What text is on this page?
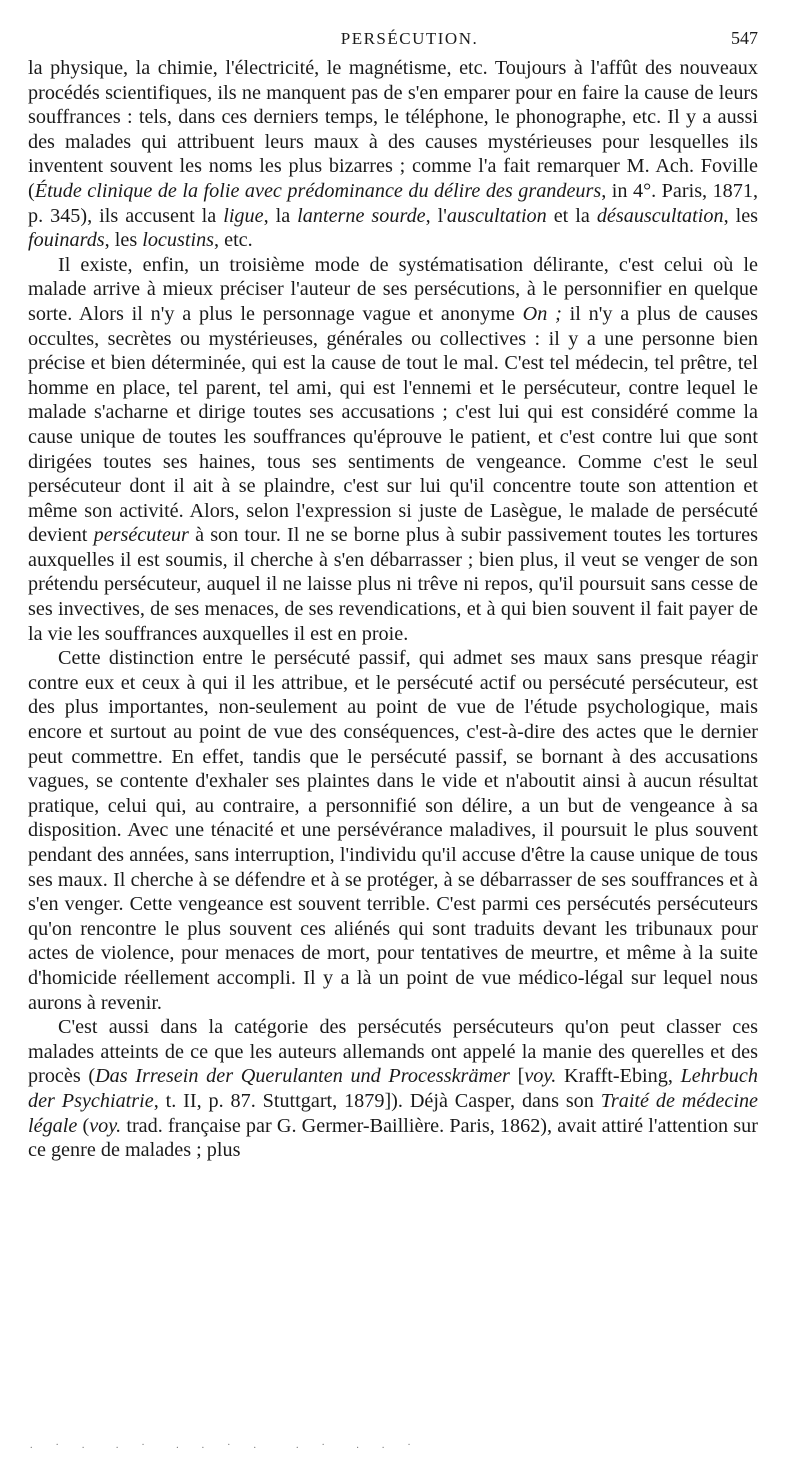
PERSÉCUTION.	547

la physique, la chimie, l'électricité, le magnétisme, etc. Toujours à l'affût des nouveaux procédés scientifiques, ils ne manquent pas de s'en emparer pour en faire la cause de leurs souffrances : tels, dans ces derniers temps, le téléphone, le phonographe, etc. Il y a aussi des malades qui attribuent leurs maux à des causes mystérieuses pour lesquelles ils inventent souvent les noms les plus bizarres ; comme l'a fait remarquer M. Ach. Foville (Étude clinique de la folie avec prédominance du délire des grandeurs, in 4°. Paris, 1871, p. 345), ils accusent la ligue, la lanterne sourde, l'auscultation et la désauscultation, les fouinards, les locustins, etc.

Il existe, enfin, un troisième mode de systématisation délirante, c'est celui où le malade arrive à mieux préciser l'auteur de ses persécutions, à le personnifier en quelque sorte. Alors il n'y a plus le personnage vague et anonyme On ; il n'y a plus de causes occultes, secrètes ou mystérieuses, générales ou collectives : il y a une personne bien précise et bien déterminée, qui est la cause de tout le mal. C'est tel médecin, tel prêtre, tel homme en place, tel parent, tel ami, qui est l'ennemi et le persécuteur, contre lequel le malade s'acharne et dirige toutes ses accusations ; c'est lui qui est considéré comme la cause unique de toutes les souffrances qu'éprouve le patient, et c'est contre lui que sont dirigées toutes ses haines, tous ses sentiments de vengeance. Comme c'est le seul persécuteur dont il ait à se plaindre, c'est sur lui qu'il concentre toute son attention et même son activité. Alors, selon l'expression si juste de Lasègue, le malade de persécuté devient persécuteur à son tour. Il ne se borne plus à subir passivement toutes les tortures auxquelles il est soumis, il cherche à s'en débarrasser ; bien plus, il veut se venger de son prétendu persécuteur, auquel il ne laisse plus ni trêve ni repos, qu'il poursuit sans cesse de ses invectives, de ses menaces, de ses revendications, et à qui bien souvent il fait payer de la vie les souffrances auxquelles il est en proie.

Cette distinction entre le persécuté passif, qui admet ses maux sans presque réagir contre eux et ceux à qui il les attribue, et le persécuté actif ou persécuté persécuteur, est des plus importantes, non-seulement au point de vue de l'étude psychologique, mais encore et surtout au point de vue des conséquences, c'est-à-dire des actes que le dernier peut commettre. En effet, tandis que le persécuté passif, se bornant à des accusations vagues, se contente d'exhaler ses plaintes dans le vide et n'aboutit ainsi à aucun résultat pratique, celui qui, au contraire, a personnifié son délire, a un but de vengeance à sa disposition. Avec une ténacité et une persévérance maladives, il poursuit le plus souvent pendant des années, sans interruption, l'individu qu'il accuse d'être la cause unique de tous ses maux. Il cherche à se défendre et à se protéger, à se débarrasser de ses souffrances et à s'en venger. Cette vengeance est souvent terrible. C'est parmi ces persécutés persécuteurs qu'on rencontre le plus souvent ces aliénés qui sont traduits devant les tribunaux pour actes de violence, pour menaces de mort, pour tentatives de meurtre, et même à la suite d'homicide réellement accompli. Il y a là un point de vue médico-légal sur lequel nous aurons à revenir.

C'est aussi dans la catégorie des persécutés persécuteurs qu'on peut classer ces malades atteints de ce que les auteurs allemands ont appelé la manie des querelles et des procès (Das Irresein der Querulanten und Processkrämer [voy. Krafft-Ebing, Lehrbuch der Psychiatrie, t. II, p. 87. Stuttgart, 1879]). Déjà Casper, dans son Traité de médecine légale (voy. trad. française par G. Germer-Baillière. Paris, 1862), avait attiré l'attention sur ce genre de malades ; plus

.  ·  .   .  ·   .  .  ·  .    .  ·   .  .  ·
